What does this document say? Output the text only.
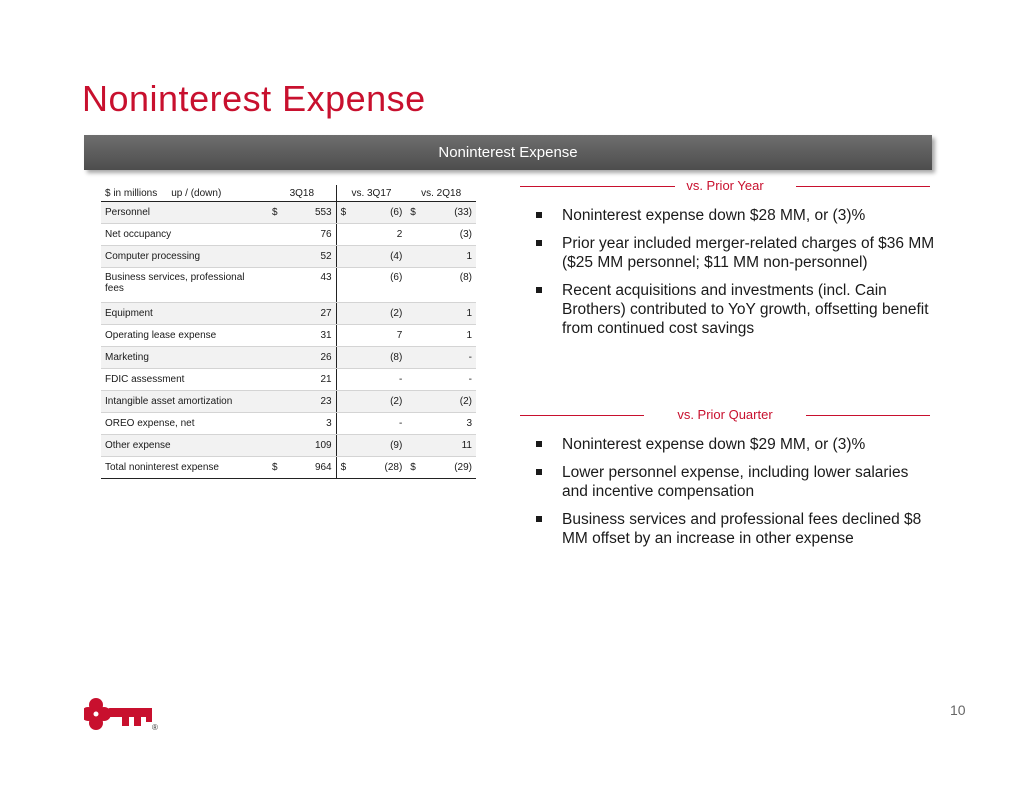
Noninterest Expense
Noninterest Expense
$ in millions up / (down)	3Q18	vs. 3Q17	vs. 2Q18
Personnel	$ 553	$ (6)	$ (33)
Net occupancy	76	2	(3)
Computer processing	52	(4)	1
Business services, professional fees	43	(6)	(8)
Equipment	27	(2)	1
Operating lease expense	31	7	1
Marketing	26	(8)	-
FDIC assessment	21	-	-
Intangible asset amortization	23	(2)	(2)
OREO expense, net	3	-	3
Other expense	109	(9)	11
Total noninterest expense	$ 964	$ (28)	$ (29)
vs. Prior Year
Noninterest expense down $28 MM, or (3)%
Prior year included merger-related charges of $36 MM ($25 MM personnel; $11 MM non-personnel)
Recent acquisitions and investments (incl. Cain Brothers) contributed to YoY growth, offsetting benefit from continued cost savings
vs. Prior Quarter
Noninterest expense down $29 MM, or (3)%
Lower personnel expense, including lower salaries and incentive compensation
Business services and professional fees declined $8 MM offset by an increase in other expense
®
10
